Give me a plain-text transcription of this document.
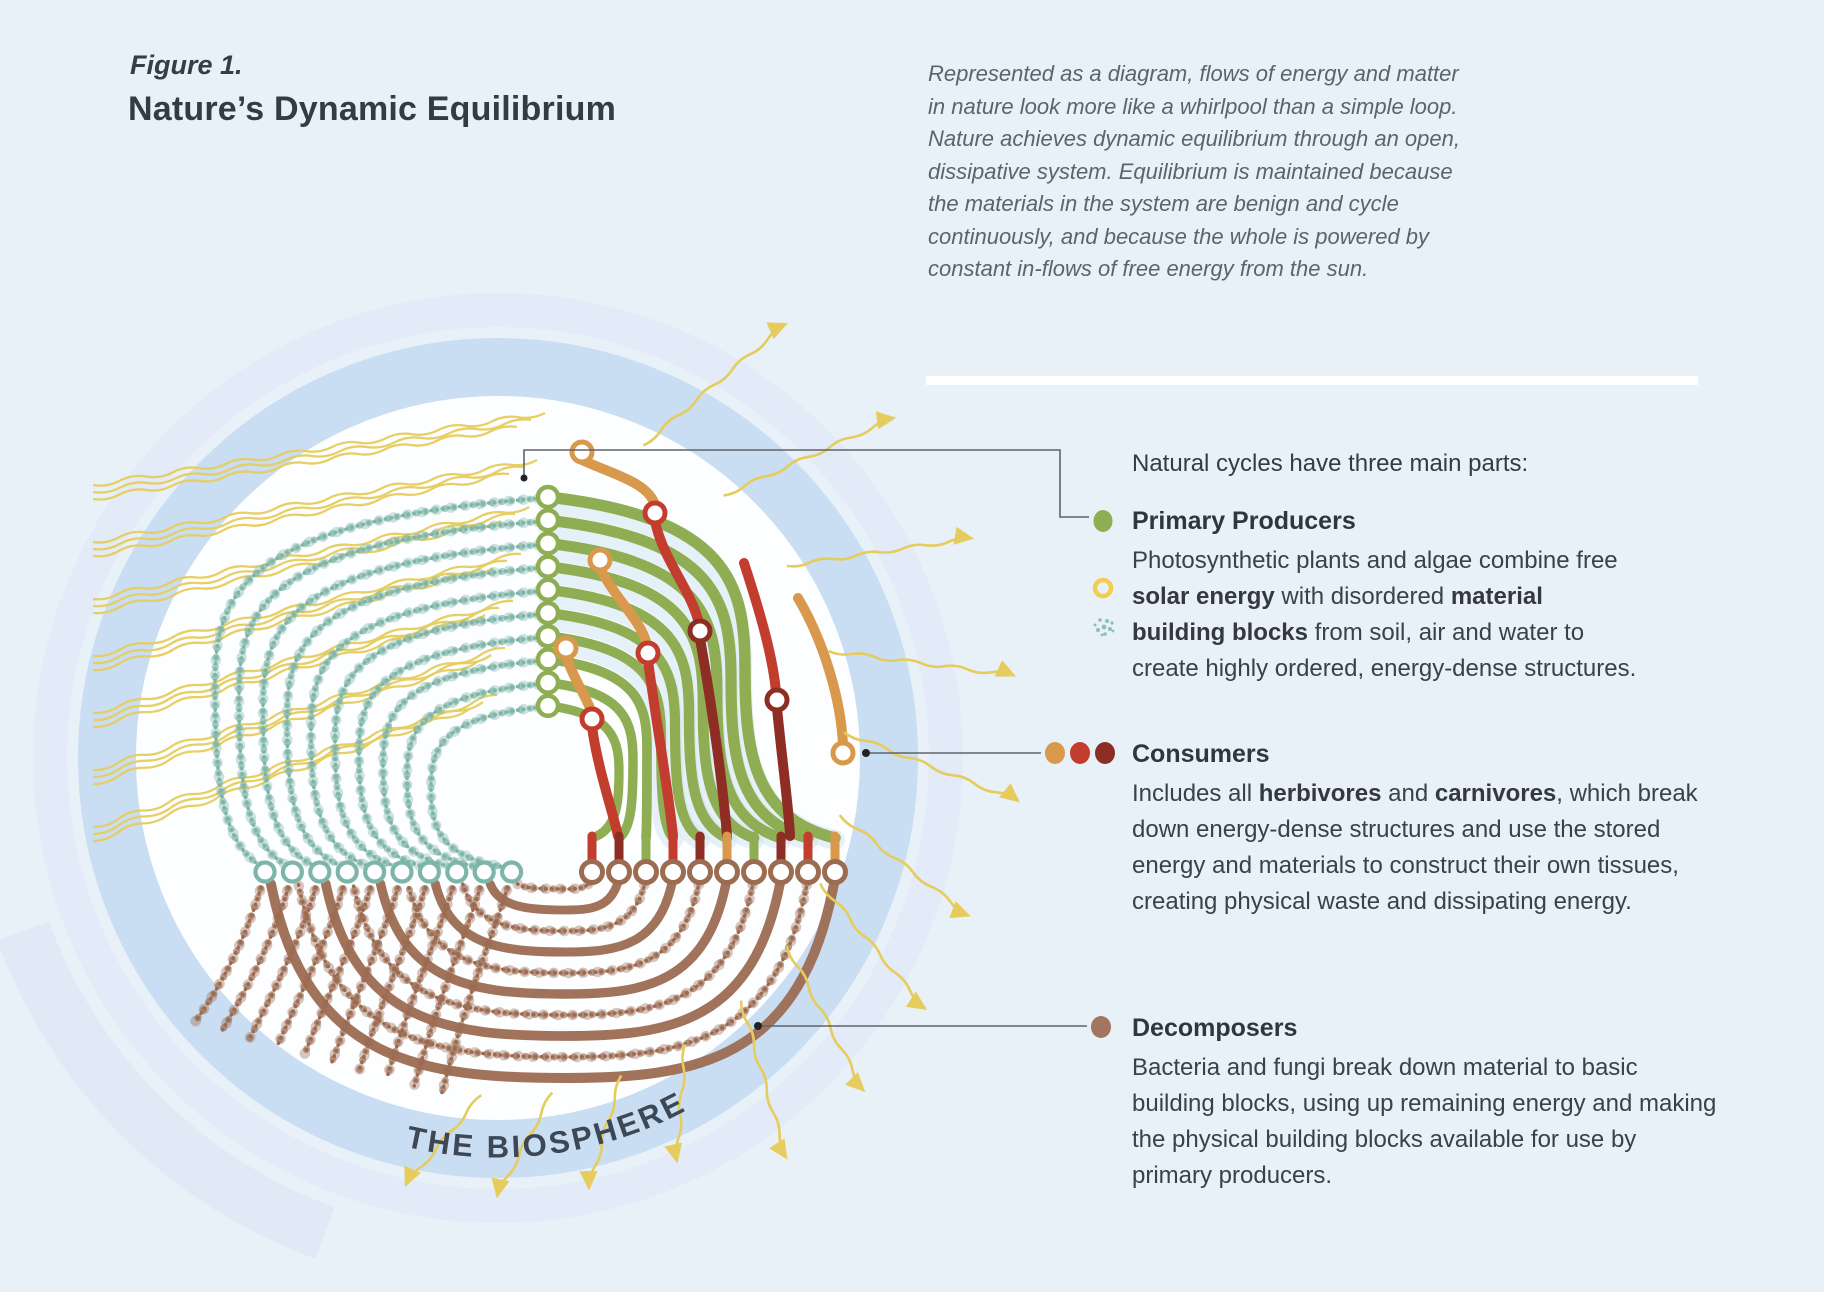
THE BIOSPHERE
Figure 1.
Nature’s Dynamic Equilibrium
Represented as a diagram, flows of energy and matter in nature look more like a whirlpool than a simple loop. Nature achieves dynamic equilibrium through an open, dissipative system. Equilibrium is maintained because the materials in the system are benign and cycle continuously, and because the whole is powered by constant in-flows of free energy from the sun.
Natural cycles have three main parts:
Primary Producers
Photosynthetic plants and algae combine free solar energy with disordered material building blocks from soil, air and water to create highly ordered, energy-dense structures.
Consumers
Includes all herbivores and carnivores, which break down energy-dense structures and use the stored energy and materials to construct their own tissues, creating physical waste and dissipating energy.
Decomposers
Bacteria and fungi break down material to basic building blocks, using up remaining energy and making the physical building blocks available for use by primary producers.
